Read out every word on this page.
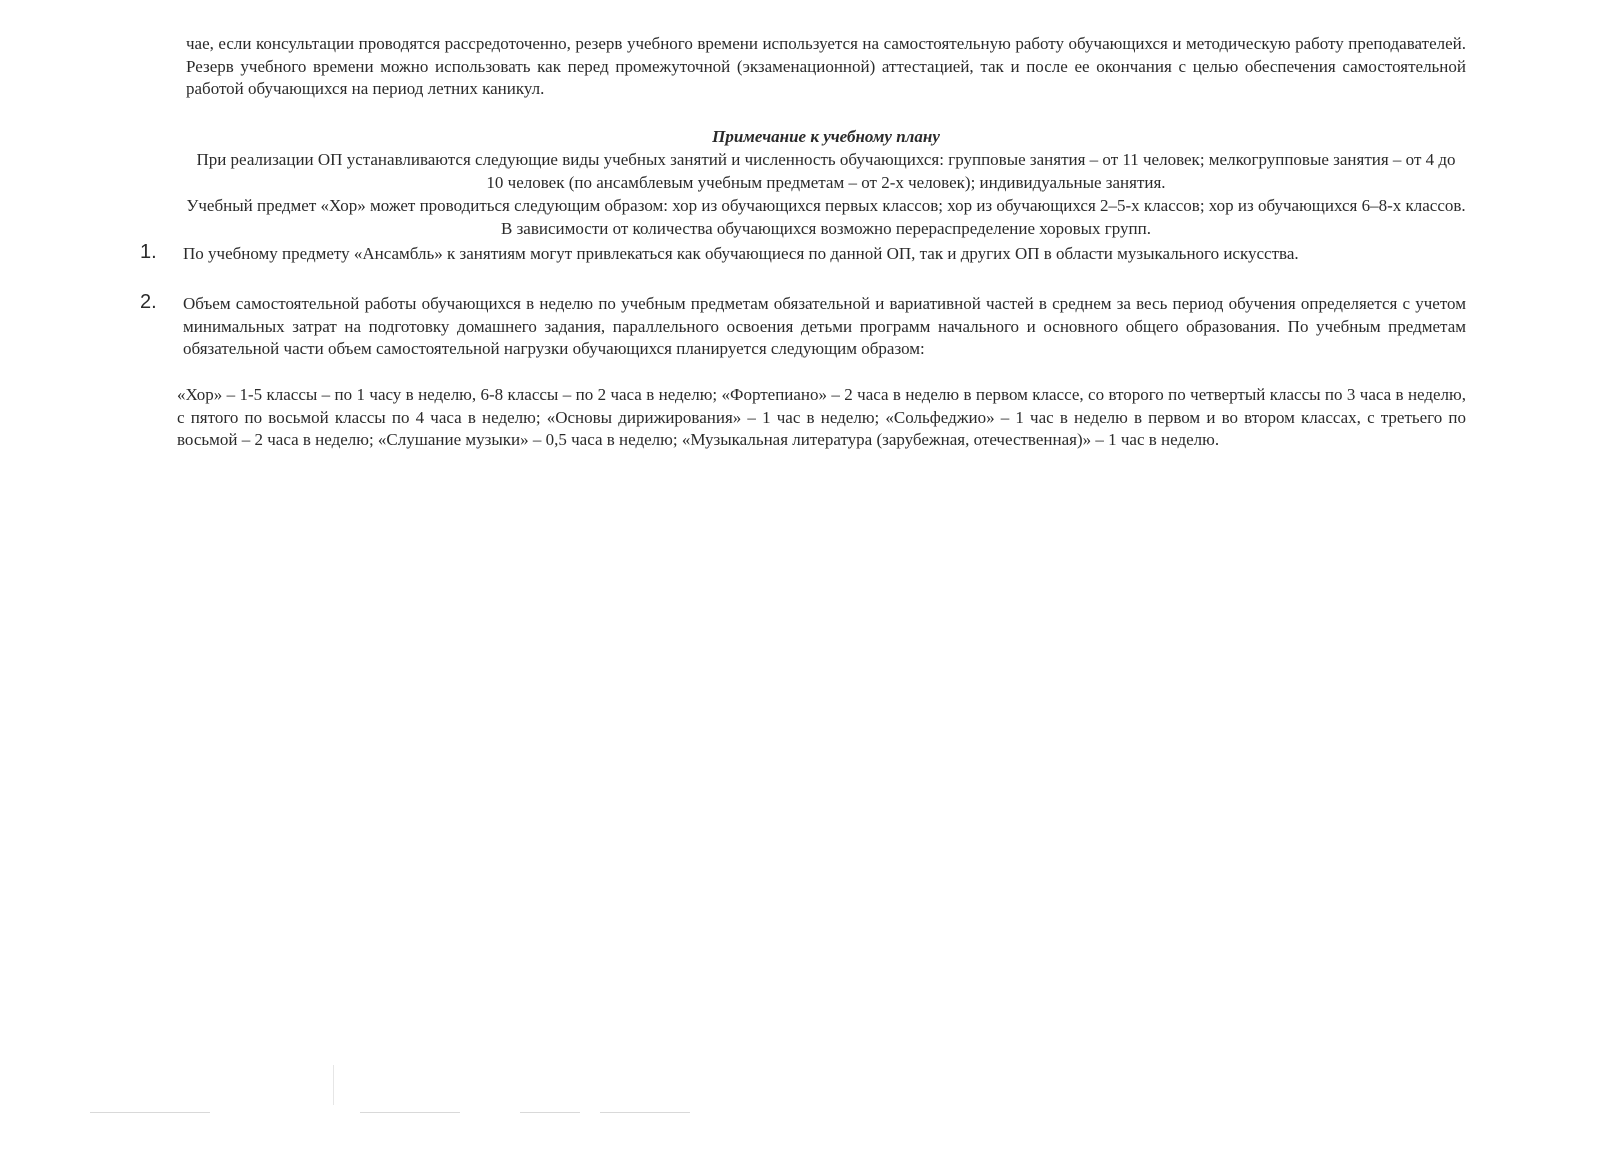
чае, если консультации проводятся рассредоточенно, резерв учебного времени используется на самостоятельную работу обучающихся и методическую работу преподавателей. Резерв учебного времени можно использовать как перед промежуточной (экзаменационной) аттестацией, так и после ее окончания с целью обеспечения самостоятельной работой обучающихся на период летних каникул.
Примечание к учебному плану
При реализации ОП устанавливаются следующие виды учебных занятий и численность обучающихся: групповые занятия – от 11 человек; мелкогрупповые занятия – от 4 до 10 человек (по ансамблевым учебным предметам – от 2-х человек); индивидуальные занятия.
Учебный предмет «Хор» может проводиться следующим образом: хор из обучающихся первых классов; хор из обучающихся 2–5-х классов; хор из обучающихся 6–8-х классов. В зависимости от количества обучающихся возможно перераспределение хоровых групп.
1. По учебному предмету «Ансамбль» к занятиям могут привлекаться как обучающиеся по данной ОП, так и других ОП в области музыкального искусства.
2. Объем самостоятельной работы обучающихся в неделю по учебным предметам обязательной и вариативной частей в среднем за весь период обучения определяется с учетом минимальных затрат на подготовку домашнего задания, параллельного освоения детьми программ начального и основного общего образования. По учебным предметам обязательной части объем самостоятельной нагрузки обучающихся планируется следующим образом:
«Хор» – 1-5 классы – по 1 часу в неделю, 6-8 классы – по 2 часа в неделю; «Фортепиано» – 2 часа в неделю в первом классе, со второго по четвертый классы по 3 часа в неделю, с пятого по восьмой классы по 4 часа в неделю; «Основы дирижирования» – 1 час в неделю; «Сольфеджио» – 1 час в неделю в первом и во втором классах, с третьего по восьмой – 2 часа в неделю; «Слушание музыки» – 0,5 часа в неделю; «Музыкальная литература (зарубежная, отечественная)» – 1 час в неделю.
